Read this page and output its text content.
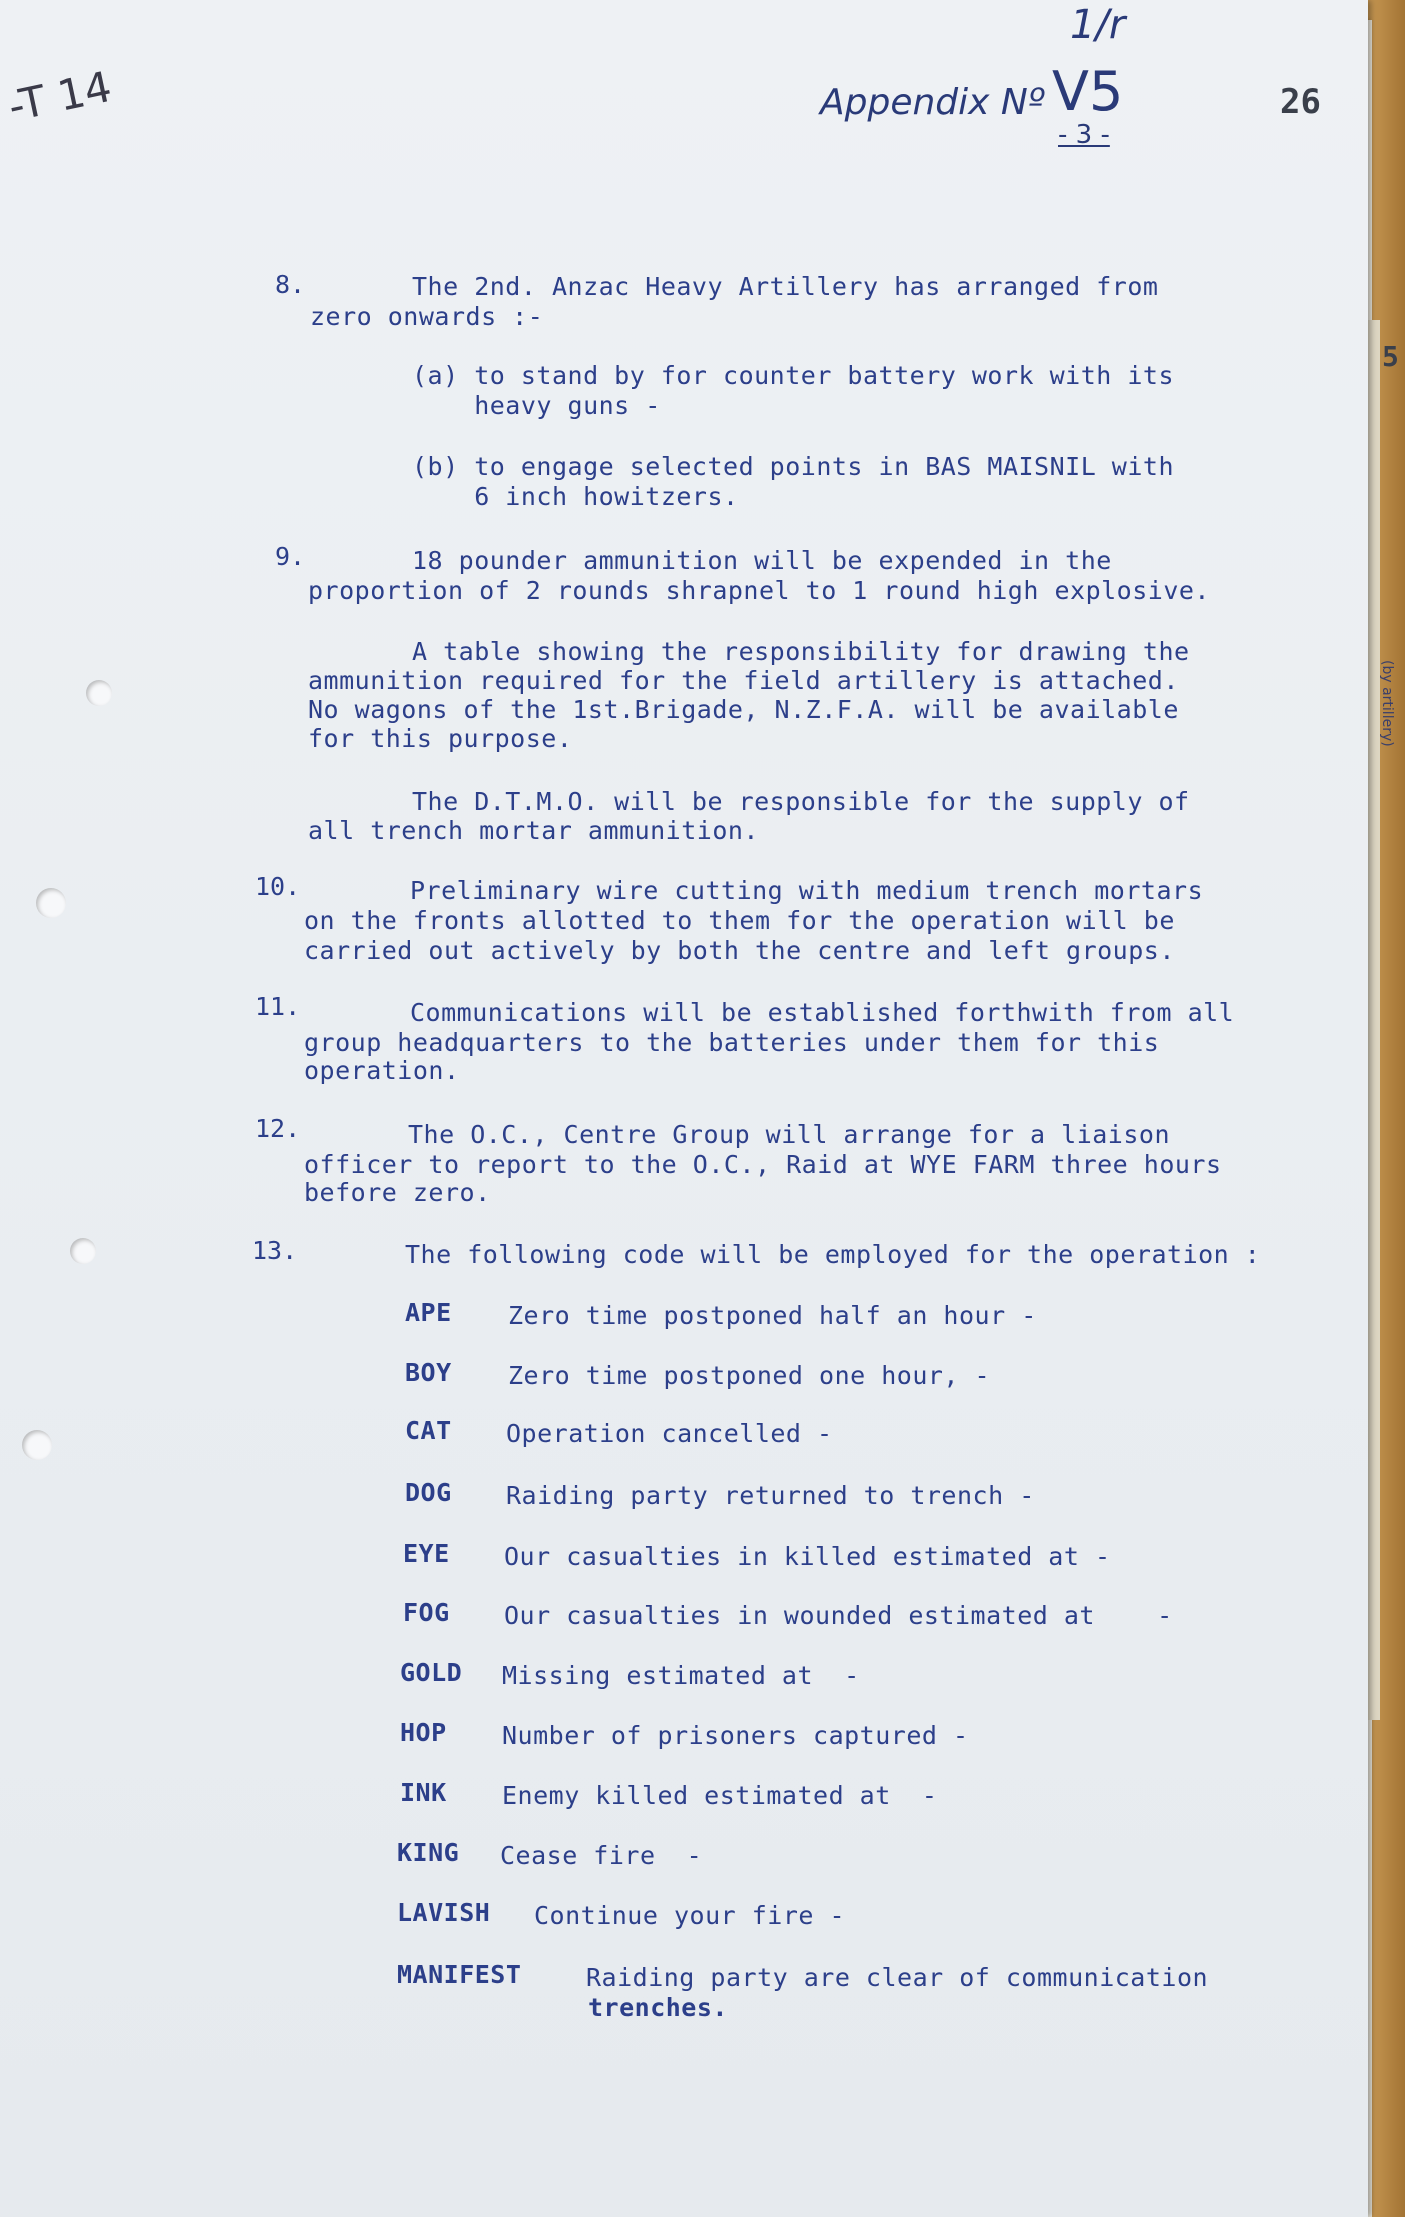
-T 14
1/r
Appendix Nº V5
- 3 -
26
8.	The 2nd. Anzac Heavy Artillery has arranged from
zero onwards :-
(a) to stand by for counter battery work with its
heavy guns -
(b) to engage selected points in BAS MAISNIL with
6 inch howitzers.
9.	18 pounder ammunition will be expended in the
proportion of 2 rounds shrapnel to 1 round high explosive.
A table showing the responsibility for drawing the
ammunition required for the field artillery is attached.
No wagons of the 1st.Brigade, N.Z.F.A. will be available
for this purpose.
The D.T.M.O. will be responsible for the supply of
all trench mortar ammunition.
10.	Preliminary wire cutting with medium trench mortars
on the fronts allotted to them for the operation will be
carried out actively by both the centre and left groups.
11.	Communications will be established forthwith from all
group headquarters to the batteries under them for this
operation.
12.	The O.C., Centre Group will arrange for a liaison
officer to report to the O.C., Raid at WYE FARM three hours
before zero.
13.	The following code will be employed for the operation :
APE Zero time postponed half an hour -
BOY Zero time postponed one hour, -
CAT Operation cancelled -
DOG Raiding party returned to trench -
EYE Our casualties in killed estimated at -
FOG Our casualties in wounded estimated at    -
GOLD Missing estimated at  -
HOP Number of prisoners captured -
INK Enemy killed estimated at  -
KING Cease fire  -
LAVISH Continue your fire -
MANIFEST	Raiding party are clear of communication
trenches.
5
(by artillery)
